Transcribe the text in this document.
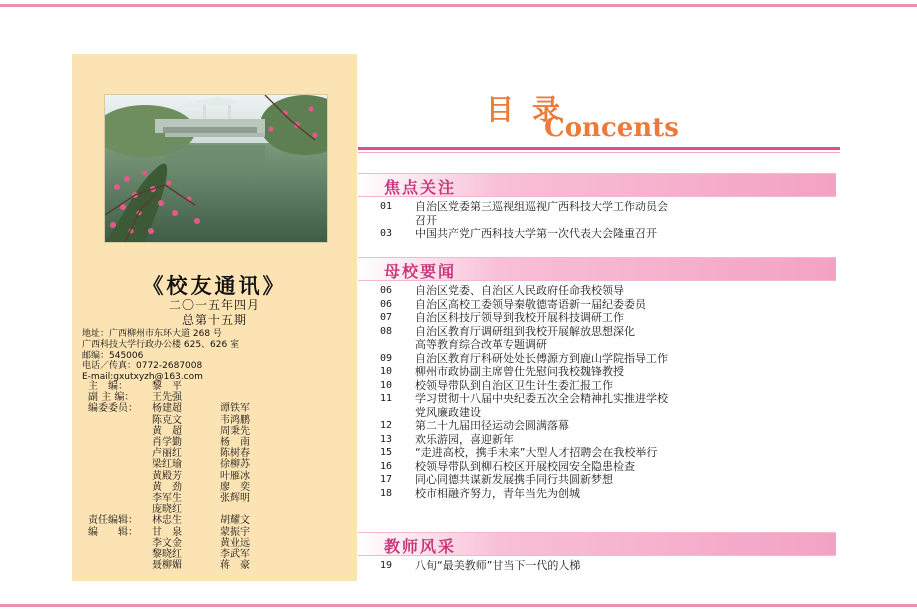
《校友通讯》
二〇一五年四月
总第十五期
地址：广西柳州市东环大道 268 号
广西科技大学行政办公楼 625、626 室
邮编：545006
电话／传真：0772-2687008
E-mail:gxutxyzh@163.com
主　编：	黎　平
副 主 编：	王先强
编委委员：	杨建超	谭铁军
陈克文	韦鸿鹏
黄　超	周秉先
肖学勤	杨　南
卢丽红	陈树春
梁红瑜	徐柳苏
黄殿芳	叶雁冰
黄　劲	廖　奕
李军生	张辉明
庞晓红
责任编辑：	林忠生	胡耀文
编　　辑：	甘　泉	蒙振宇
李文金	黄业远
黎晓红	李武军
聂柳媚	蒋　豪
目录
Concents
焦点关注
01	自治区党委第三巡视组巡视广西科技大学工作动员会
召开
03	中国共产党广西科技大学第一次代表大会隆重召开
母校要闻
06	自治区党委、自治区人民政府任命我校领导
06	自治区高校工委领导秦敬德寄语新一届纪委委员
07	自治区科技厅领导到我校开展科技调研工作
08	自治区教育厅调研组到我校开展解放思想深化
高等教育综合改革专题调研
09	自治区教育厅科研处处长傅源方到鹿山学院指导工作
10	柳州市政协副主席曾仕先慰问我校魏锋教授
10	校领导带队到自治区卫生计生委汇报工作
11	学习贯彻十八届中央纪委五次全会精神扎实推进学校
党风廉政建设
12	第二十九届田径运动会圆满落幕
13	欢乐游园，喜迎新年
15	“走进高校，携手未来”大型人才招聘会在我校举行
16	校领导带队到柳石校区开展校园安全隐患检查
17	同心同德共谋新发展携手同行共圆新梦想
18	校市相融齐努力，青年当先为创城
教师风采
19	八旬“最美教师”甘当下一代的人梯
